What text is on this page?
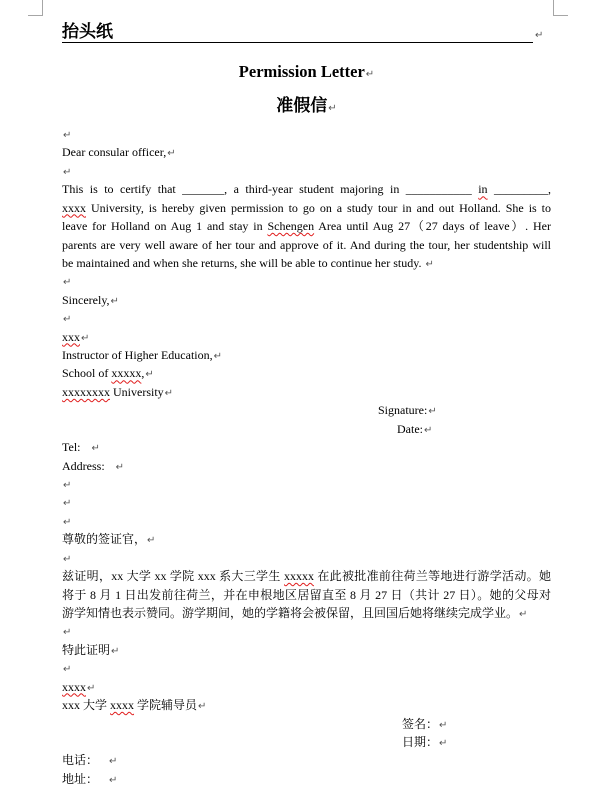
抬头纸	↵
Permission Letter↵
准假信↵
↵
Dear consular officer,↵
↵
This is to certify that _______, a third-year student majoring in ___________ in _________,
xxxx University, is hereby given permission to go on a study tour in and out Holland. She is to
leave for Holland on Aug 1 and stay in Schengen Area until Aug 27（27 days of leave）. Her
parents are very well aware of her tour and approve of it. And during the tour, her studentship will
be maintained and when she returns, she will be able to continue her study. ↵
↵
Sincerely,↵
↵
xxx↵
Instructor of Higher Education,↵
School of xxxxx,↵
xxxxxxxx University↵
Signature:↵
Date:↵
Tel: ↵
Address: ↵
↵
↵
↵
尊敬的签证官，↵
↵
兹证明，xx 大学 xx 学院 xxx 系大三学生 xxxxx 在此被批准前往荷兰等地进行游学活动。她
将于 8 月 1 日出发前往荷兰，并在申根地区居留直至 8 月 27 日（共计 27 日）。她的父母对
游学知情也表示赞同。游学期间，她的学籍将会被保留，且回国后她将继续完成学业。↵
↵
特此证明↵
↵
xxxx↵
xxx 大学 xxxx 学院辅导员↵
签名：↵
日期：↵
电话： ↵
地址： ↵
